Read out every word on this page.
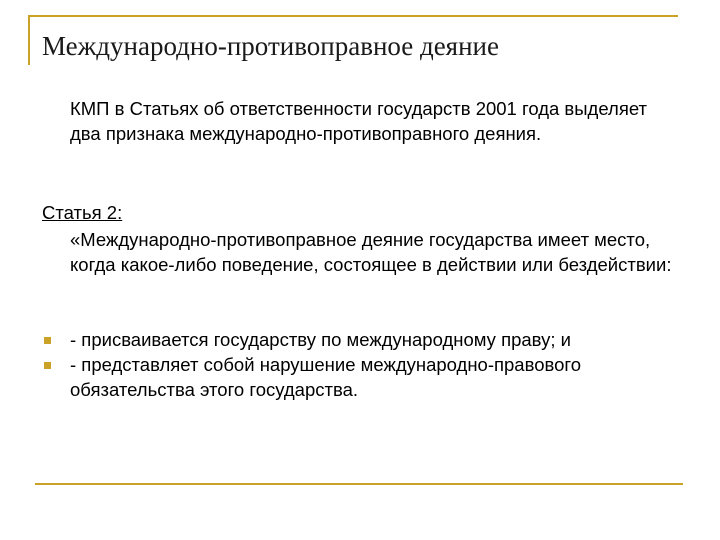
Международно-противоправное деяние

КМП в Статьях об ответственности государств 2001 года выделяет два признака международно-противоправного деяния.

Статья 2:

«Международно-противоправное деяние государства имеет место, когда какое-либо поведение, состоящее в действии или бездействии:

- присваивается государству по международному праву; и
- представляет собой нарушение международно-правового обязательства этого государства.
